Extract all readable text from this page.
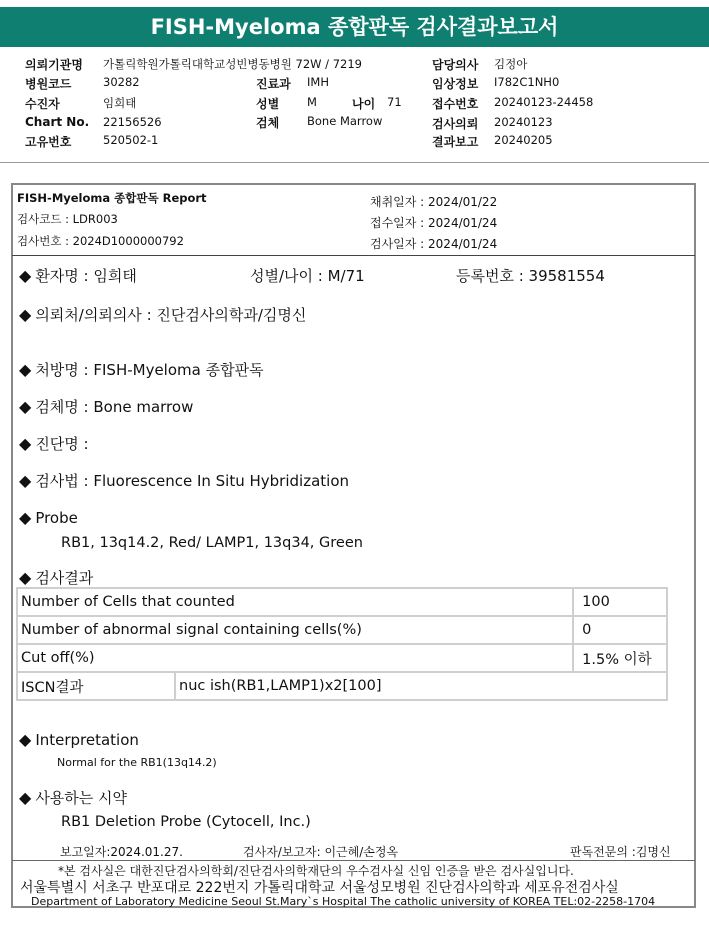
FISH-Myeloma 종합판독 검사결과보고서
의뢰기관명 가톨릭학원가톨릭대학교성빈병동병원 72W / 7219
병원코드	30282
수진자	임희태
Chart No. 22156526
고유번호	520502-1
진료과 IMH
성별 M	나이 71
검체 Bone Marrow
담당의사 김정아
임상정보 I782C1NH0
접수번호 20240123-24458
검사의뢰 20240123
결과보고 20240205
FISH-Myeloma 종합판독 Report
검사코드 : LDR003
검사번호 : 2024D1000000792
채취일자 : 2024/01/22
접수일자 : 2024/01/24
검사일자 : 2024/01/24
◆ 환자명 : 임희태	성별/나이 : M/71	등록번호 : 39581554
◆ 의뢰처/의뢰의사 : 진단검사의학과/김명신
◆ 처방명 : FISH-Myeloma 종합판독
◆ 검체명 : Bone marrow
◆ 진단명 :
◆ 검사법 : Fluorescence In Situ Hybridization
◆ Probe
RB1, 13q14.2, Red/ LAMP1, 13q34, Green
◆ 검사결과
Number of Cells that counted		100
Number of abnormal signal containing cells(%)		0
Cut off(%)		1.5% 이하
ISCN결과	nuc ish(RB1,LAMP1)x2[100]	
◆ Interpretation
Normal for the RB1(13q14.2)
◆ 사용하는 시약
RB1 Deletion Probe (Cytocell, Inc.)
보고일자:2024.01.27.	검사자/보고자: 이근혜/손정옥	판독전문의 :김명신
*본 검사실은 대한진단검사의학회/진단검사의학재단의 우수검사실 신임 인증을 받은 검사실입니다.
서울특별시 서초구 반포대로 222번지 가톨릭대학교 서울성모병원 진단검사의학과 세포유전검사실
Department of Laboratory Medicine Seoul St.Mary`s Hospital The catholic university of KOREA TEL:02-2258-1704
